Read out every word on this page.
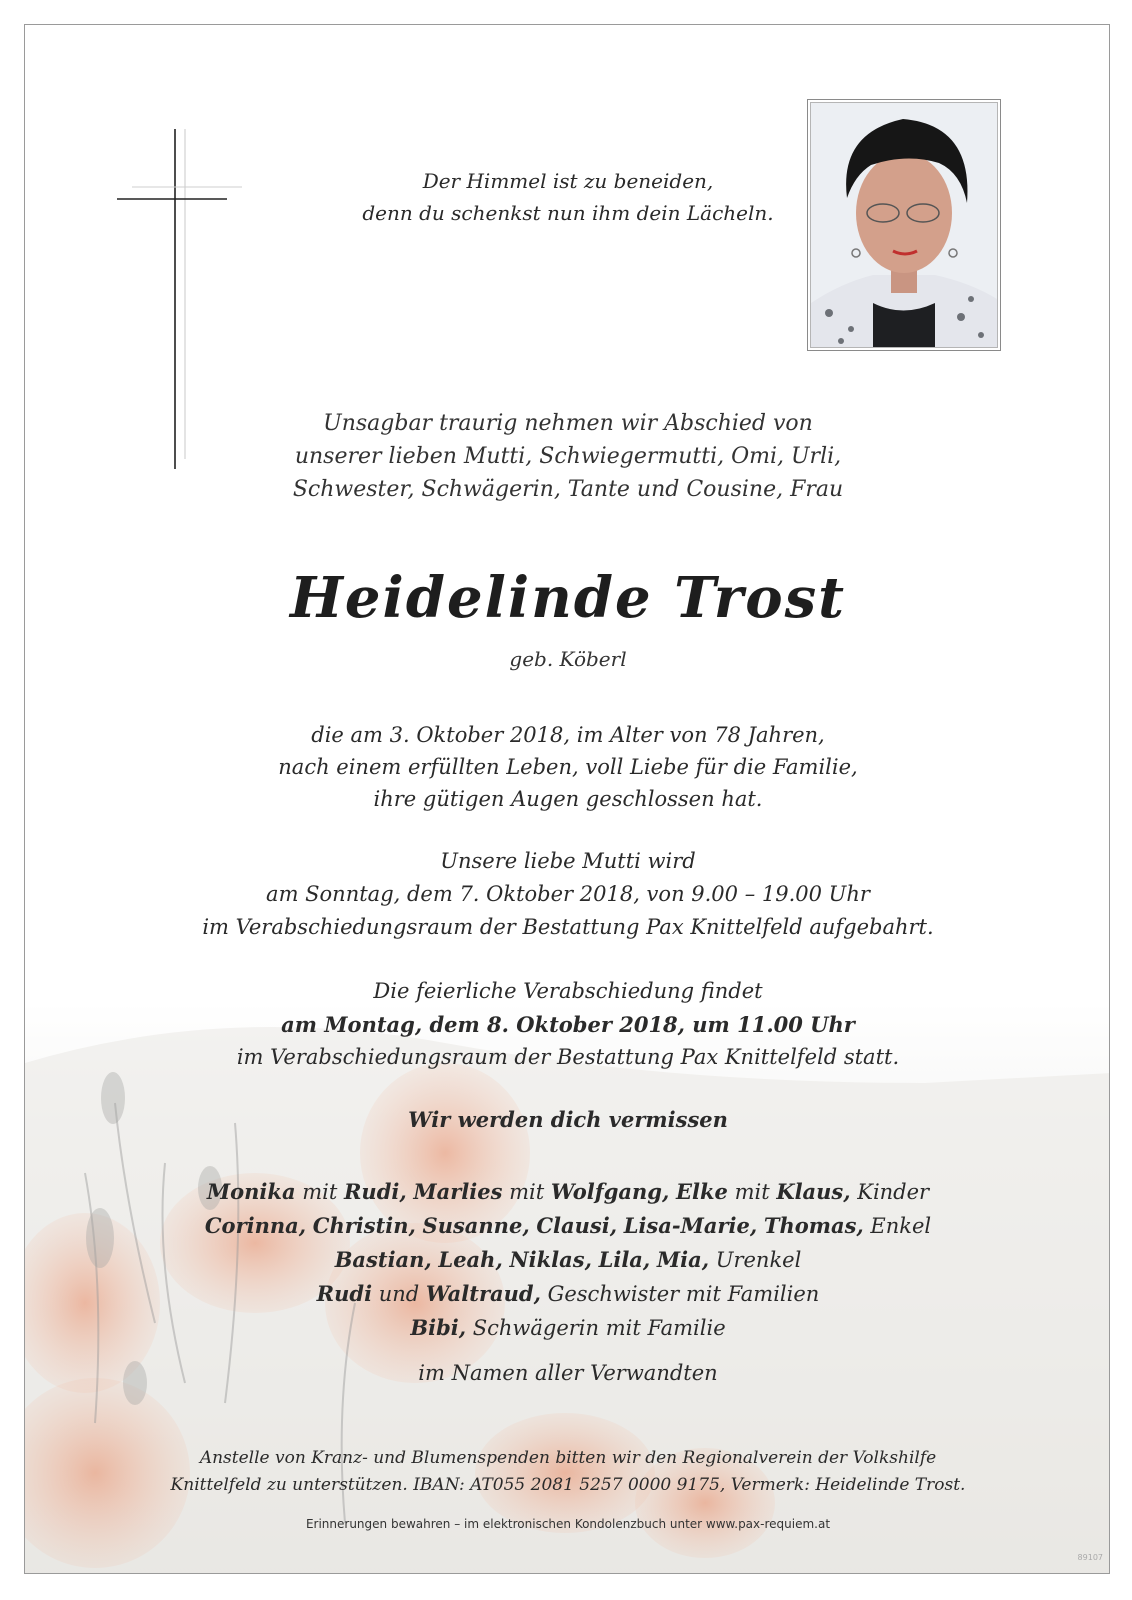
Der Himmel ist zu beneiden,
denn du schenkst nun ihm dein Lächeln.
Unsagbar traurig nehmen wir Abschied von
unserer lieben Mutti, Schwiegermutti, Omi, Urli,
Schwester, Schwägerin, Tante und Cousine, Frau
Heidelinde Trost
geb. Köberl
die am 3. Oktober 2018, im Alter von 78 Jahren,
nach einem erfüllten Leben, voll Liebe für die Familie,
ihre gütigen Augen geschlossen hat.
Unsere liebe Mutti wird
am Sonntag, dem 7. Oktober 2018, von 9.00 – 19.00 Uhr
im Verabschiedungsraum der Bestattung Pax Knittelfeld aufgebahrt.
Die feierliche Verabschiedung findet
am Montag, dem 8. Oktober 2018, um 11.00 Uhr
im Verabschiedungsraum der Bestattung Pax Knittelfeld statt.
Wir werden dich vermissen
Monika mit Rudi, Marlies mit Wolfgang, Elke mit Klaus, Kinder
Corinna, Christin, Susanne, Clausi, Lisa-Marie, Thomas, Enkel
Bastian, Leah, Niklas, Lila, Mia, Urenkel
Rudi und Waltraud, Geschwister mit Familien
Bibi, Schwägerin mit Familie
im Namen aller Verwandten
Anstelle von Kranz- und Blumenspenden bitten wir den Regionalverein der Volkshilfe
Knittelfeld zu unterstützen. IBAN: AT055 2081 5257 0000 9175, Vermerk: Heidelinde Trost.
Erinnerungen bewahren – im elektronischen Kondolenzbuch unter www.pax-requiem.at
89107
